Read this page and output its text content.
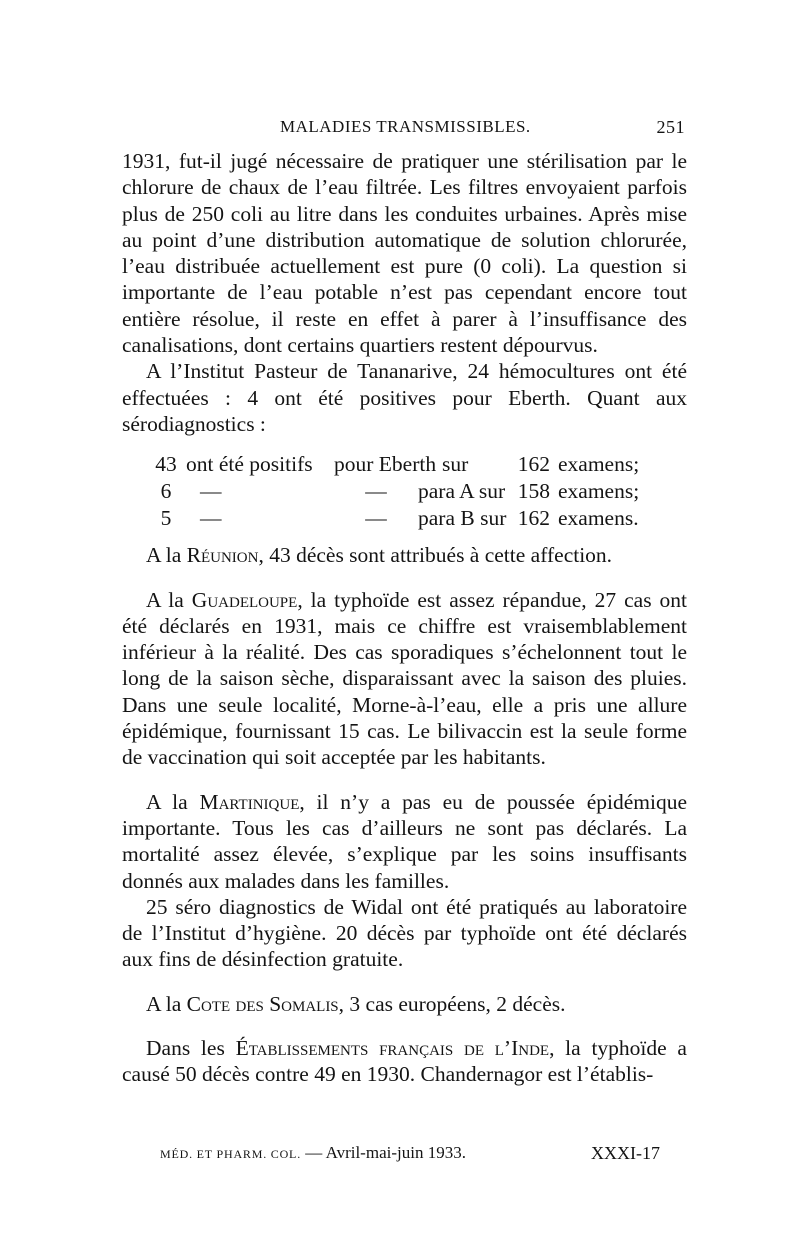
MALADIES TRANSMISSIBLES.	251

1931, fut-il jugé nécessaire de pratiquer une stérilisation par le chlorure de chaux de l’eau filtrée. Les filtres envoyaient parfois plus de 250 coli au litre dans les conduites urbaines. Après mise au point d’une distribution automatique de solution chlorurée, l’eau distribuée actuellement est pure (0 coli). La question si importante de l’eau potable n’est pas cependant encore tout entière résolue, il reste en effet à parer à l’insuffisance des canalisations, dont certains quartiers restent dépourvus.

A l’Institut Pasteur de Tananarive, 24 hémocultures ont été effectuées : 4 ont été positives pour Eberth. Quant aux sérodiagnostics :

43 ont été positifs pour Eberth sur	162 examens;
6	—	—	para A sur 158 examens;
5	—	—	para B sur 162 examens.

A la Réunion, 43 décès sont attribués à cette affection.

A la Guadeloupe, la typhoïde est assez répandue, 27 cas ont été déclarés en 1931, mais ce chiffre est vraisemblablement inférieur à la réalité. Des cas sporadiques s’échelonnent tout le long de la saison sèche, disparaissant avec la saison des pluies. Dans une seule localité, Morne-à-l’eau, elle a pris une allure épidémique, fournissant 15 cas. Le bilivaccin est la seule forme de vaccination qui soit acceptée par les habitants.

A la Martinique, il n’y a pas eu de poussée épidémique importante. Tous les cas d’ailleurs ne sont pas déclarés. La mortalité assez élevée, s’explique par les soins insuffisants donnés aux malades dans les familles.

25 séro diagnostics de Widal ont été pratiqués au laboratoire de l’Institut d’hygiène. 20 décès par typhoïde ont été déclarés aux fins de désinfection gratuite.

A la Cote des Somalis, 3 cas européens, 2 décès.

Dans les Établissements français de l’Inde, la typhoïde a causé 50 décès contre 49 en 1930. Chandernagor est l’établis-

MÉD. ET PHARM. COL. — Avril-mai-juin 1933.	XXXI-17
